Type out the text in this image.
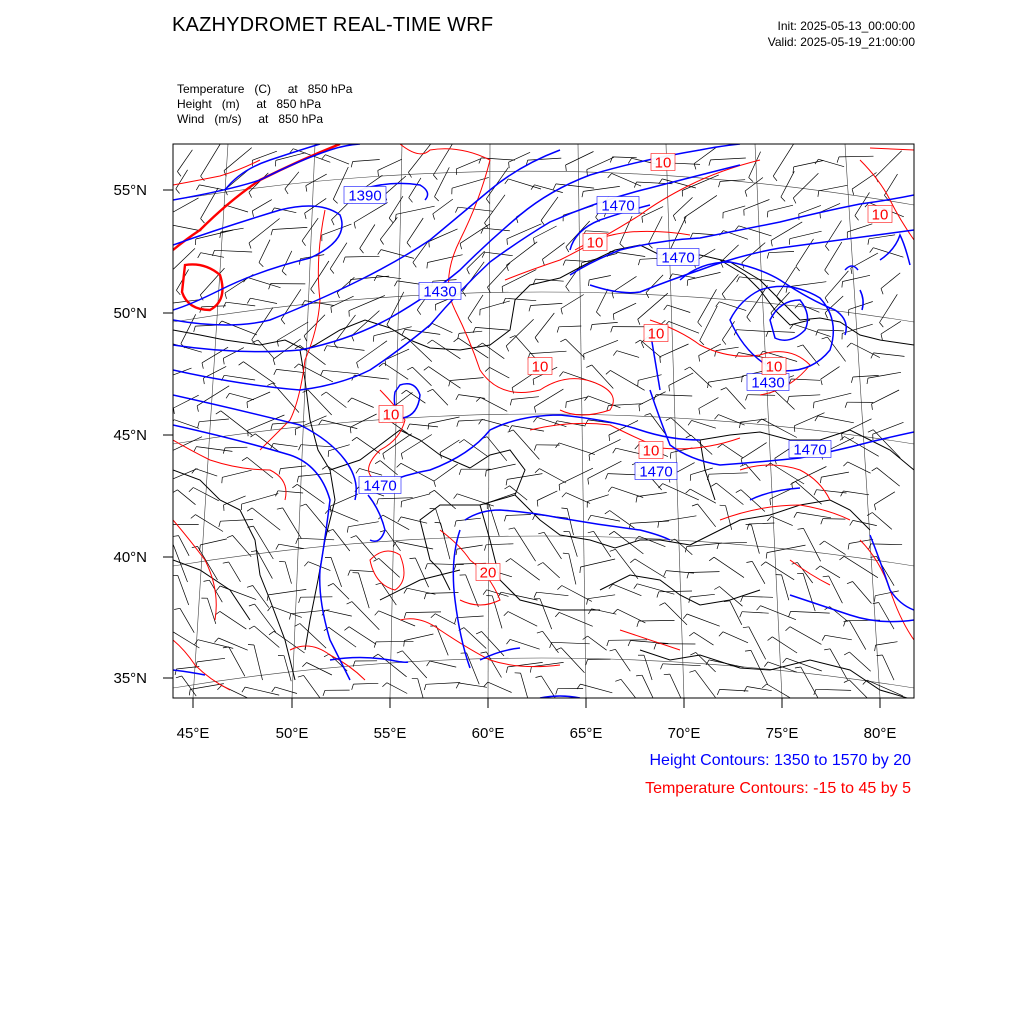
KAZHYDROMET REAL-TIME WRF	Init: 2025-05-13_00:00:00
Valid: 2025-05-19_21:00:00
Temperature   (C)     at   850 hPa
Height   (m)     at   850 hPa
Wind   (m/s)     at   850 hPa
1390
1430
1470
1470
1470
1430
1470
1470
10
10
10
10
10	10
10
10
20
55°N
50°N
45°N
40°N
35°N
45°E	50°E	55°E	60°E	65°E	70°E	75°E	80°E
Height Contours: 1350 to 1570 by 20
Temperature Contours: -15 to 45 by 5
